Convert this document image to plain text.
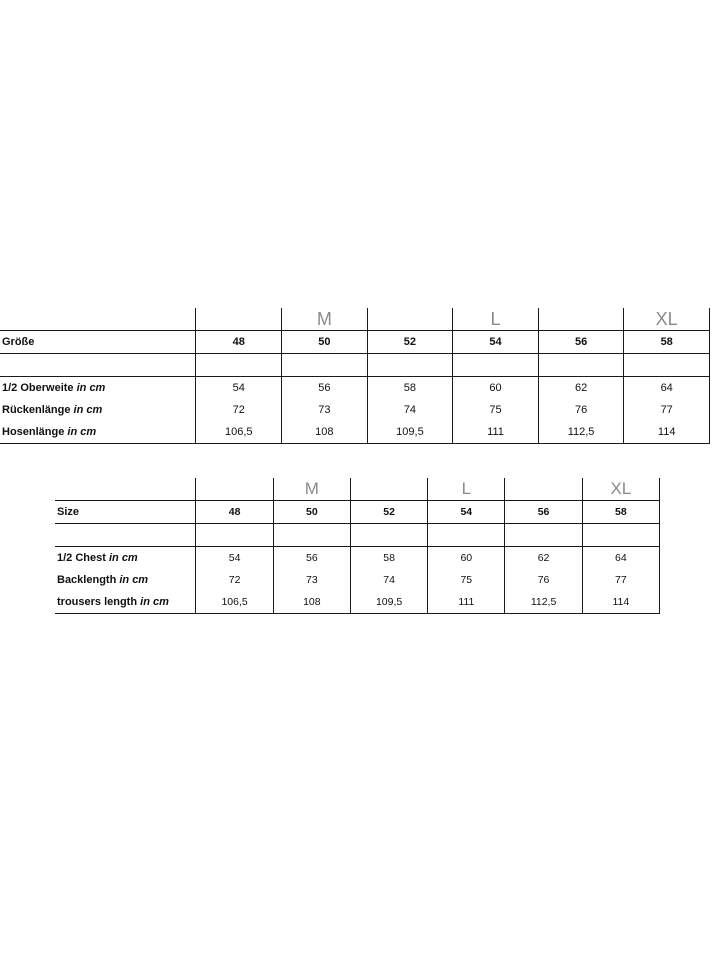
		M		L		XL
Größe	48	50	52	54	56	58

1/2 Oberweite in cm	54	56	58	60	62	64
Rückenlänge in cm	72	73	74	75	76	77
Hosenlänge in cm	106,5	108	109,5	111	112,5	114
		M		L		XL
Size	48	50	52	54	56	58

1/2 Chest in cm	54	56	58	60	62	64
Backlength in cm	72	73	74	75	76	77
trousers length in cm	106,5	108	109,5	111	112,5	114
